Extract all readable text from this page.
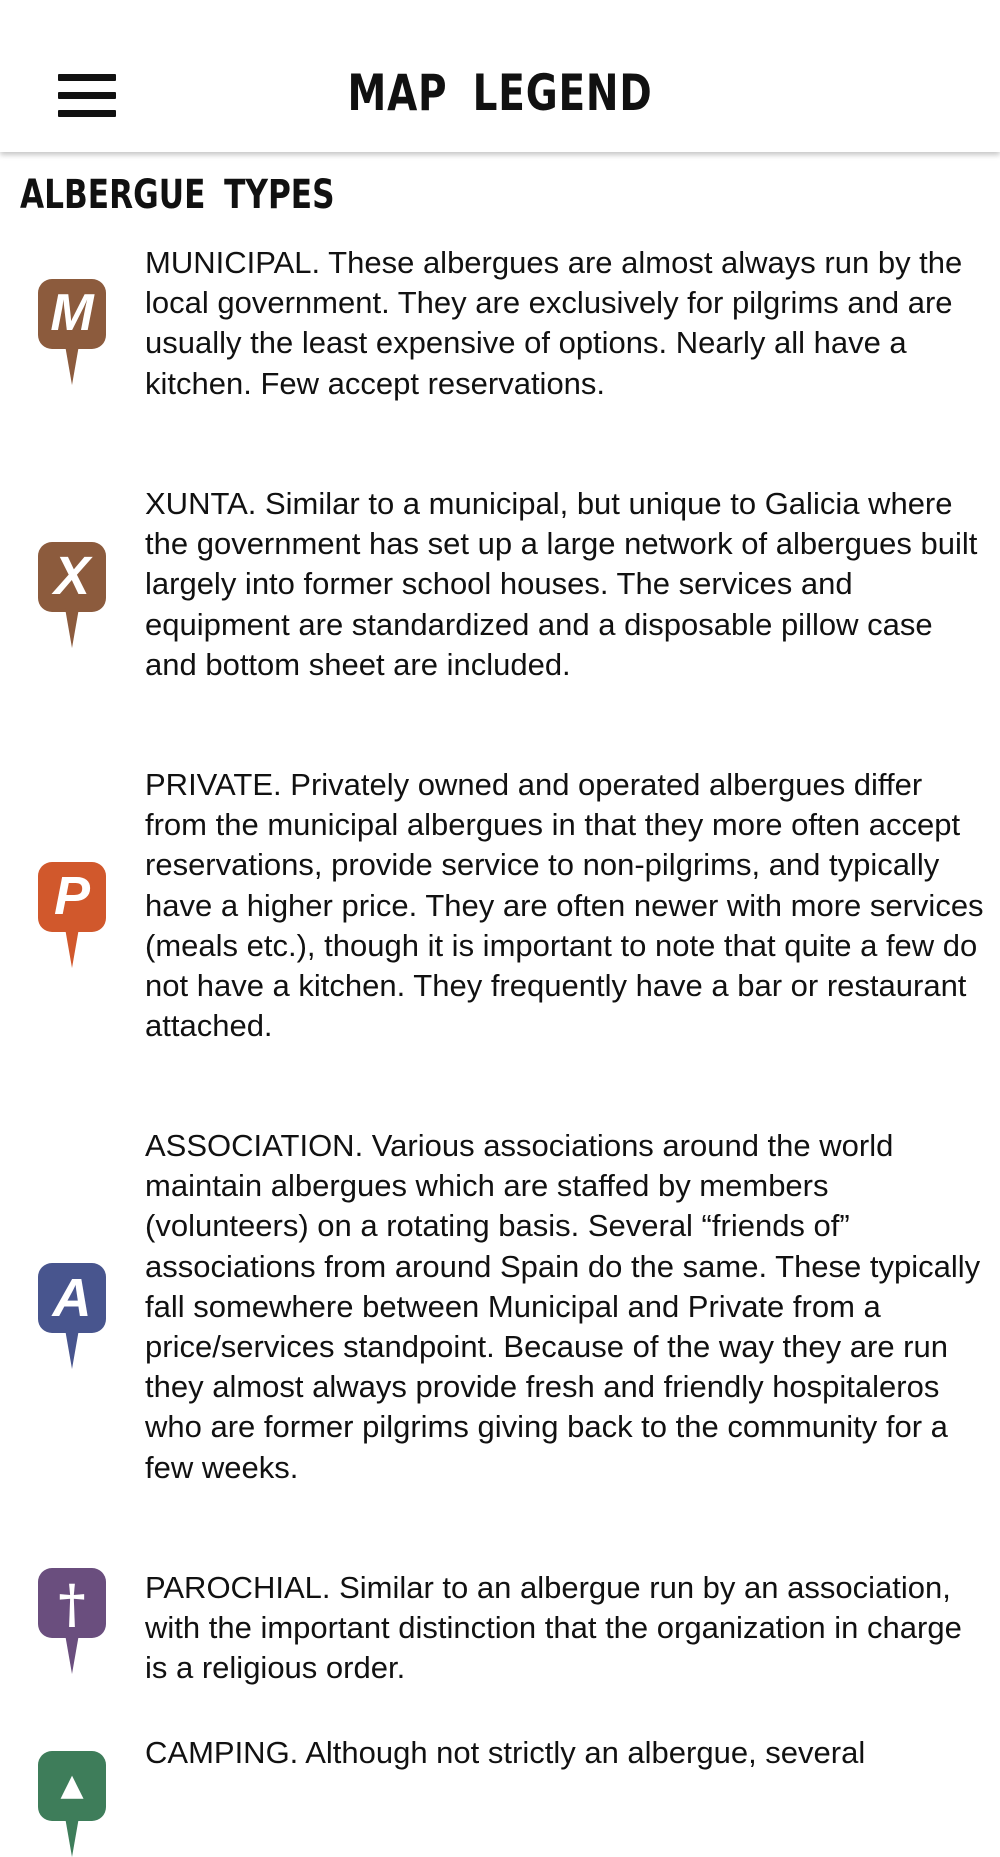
MAP LEGEND
ALBERGUE TYPES
M
MUNICIPAL. These albergues are almost always run by the local government. They are exclusively for pilgrims and are usually the least expensive of options. Nearly all have a kitchen. Few accept reservations.
X
XUNTA. Similar to a municipal, but unique to Galicia where the government has set up a large network of albergues built largely into former school houses. The services and equipment are standardized and a disposable pillow case and bottom sheet are included.
P
PRIVATE. Privately owned and operated albergues differ from the municipal albergues in that they more often accept reservations, provide service to non-pilgrims, and typically have a higher price. They are often newer with more services (meals etc.), though it is important to note that quite a few do not have a kitchen. They frequently have a bar or restaurant attached.
A
ASSOCIATION. Various associations around the world maintain albergues which are staffed by members (volunteers) on a rotating basis. Several “friends of” associations from around Spain do the same. These typically fall somewhere between Municipal and Private from a price/services standpoint. Because of the way they are run they almost always provide fresh and friendly hospitaleros who are former pilgrims giving back to the community for a few weeks.
† PAROCHIAL. Similar to an albergue run by an association, with the important distinction that the organization in charge is a religious order.
▲
CAMPING. Although not strictly an albergue, several
